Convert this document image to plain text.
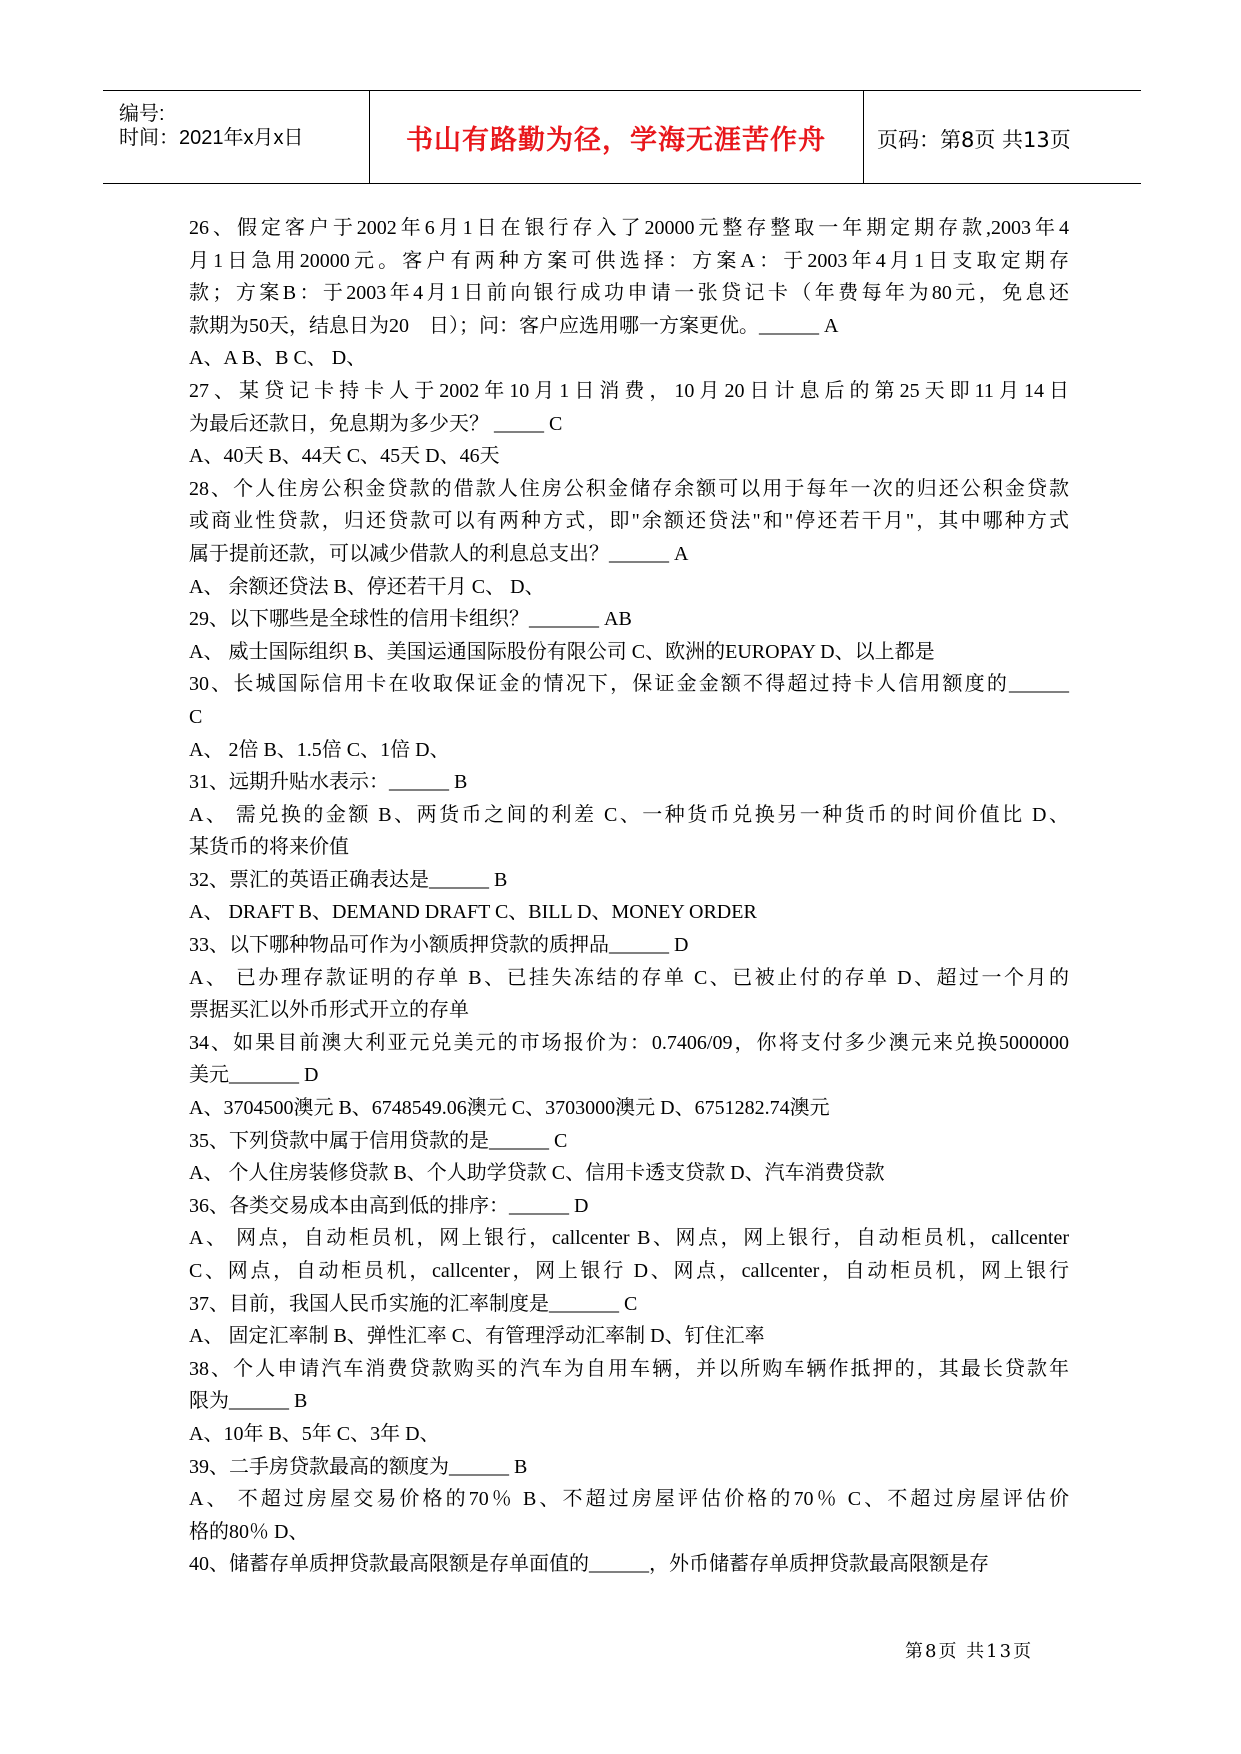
编号:
时间：2021年x月x日	书山有路勤为径，学海无涯苦作舟	页码：第8页 共13页
26、假定客户于2002年6月1日在银行存入了20000元整存整取一年期定期存款,2003年4
月1日急用20000元。客户有两种方案可供选择：方案A：于2003年4月1日支取定期存
款；方案B：于2003年4月1日前向银行成功申请一张贷记卡（年费每年为80元，免息还
款期为50天，结息日为20　日）；问：客户应选用哪一方案更优。______ A
A、A B、B C、 D、
27、某贷记卡持卡人于2002年10月1日消费，10月20日计息后的第25天即11月14日
为最后还款日，免息期为多少天？ _____ C
A、40天 B、44天 C、45天 D、46天
28、个人住房公积金贷款的借款人住房公积金储存余额可以用于每年一次的归还公积金贷款
或商业性贷款，归还贷款可以有两种方式，即"余额还贷法"和"停还若干月"，其中哪种方式
属于提前还款，可以减少借款人的利息总支出？______ A
A、 余额还贷法 B、停还若干月 C、 D、
29、以下哪些是全球性的信用卡组织？_______ AB
A、 威士国际组织 B、美国运通国际股份有限公司 C、欧洲的EUROPAY D、以上都是
30、长城国际信用卡在收取保证金的情况下，保证金金额不得超过持卡人信用额度的______
C
A、 2倍 B、1.5倍 C、1倍 D、
31、远期升贴水表示：______ B
A、 需兑换的金额 B、两货币之间的利差 C、一种货币兑换另一种货币的时间价值比 D、
某货币的将来价值
32、票汇的英语正确表达是______ B
A、 DRAFT B、DEMAND DRAFT C、BILL D、MONEY ORDER
33、以下哪种物品可作为小额质押贷款的质押品______ D
A、 已办理存款证明的存单 B、已挂失冻结的存单 C、已被止付的存单 D、超过一个月的
票据买汇以外币形式开立的存单
34、如果目前澳大利亚元兑美元的市场报价为：0.7406/09，你将支付多少澳元来兑换5000000
美元_______ D
A、3704500澳元 B、6748549.06澳元 C、3703000澳元 D、6751282.74澳元
35、下列贷款中属于信用贷款的是______ C
A、 个人住房装修贷款 B、个人助学贷款 C、信用卡透支贷款 D、汽车消费贷款
36、各类交易成本由高到低的排序：______ D
A、 网点，自动柜员机，网上银行，callcenter B、网点，网上银行，自动柜员机，callcenter
C、网点，自动柜员机，callcenter，网上银行 D、网点，callcenter，自动柜员机，网上银行
37、目前，我国人民币实施的汇率制度是_______ C
A、 固定汇率制 B、弹性汇率 C、有管理浮动汇率制 D、钉住汇率
38、个人申请汽车消费贷款购买的汽车为自用车辆，并以所购车辆作抵押的，其最长贷款年
限为______ B
A、10年 B、5年 C、3年 D、
39、二手房贷款最高的额度为______ B
A、 不超过房屋交易价格的70％ B、不超过房屋评估价格的70％ C、不超过房屋评估价
格的80％ D、
40、储蓄存单质押贷款最高限额是存单面值的______，外币储蓄存单质押贷款最高限额是存
第8页 共13页
